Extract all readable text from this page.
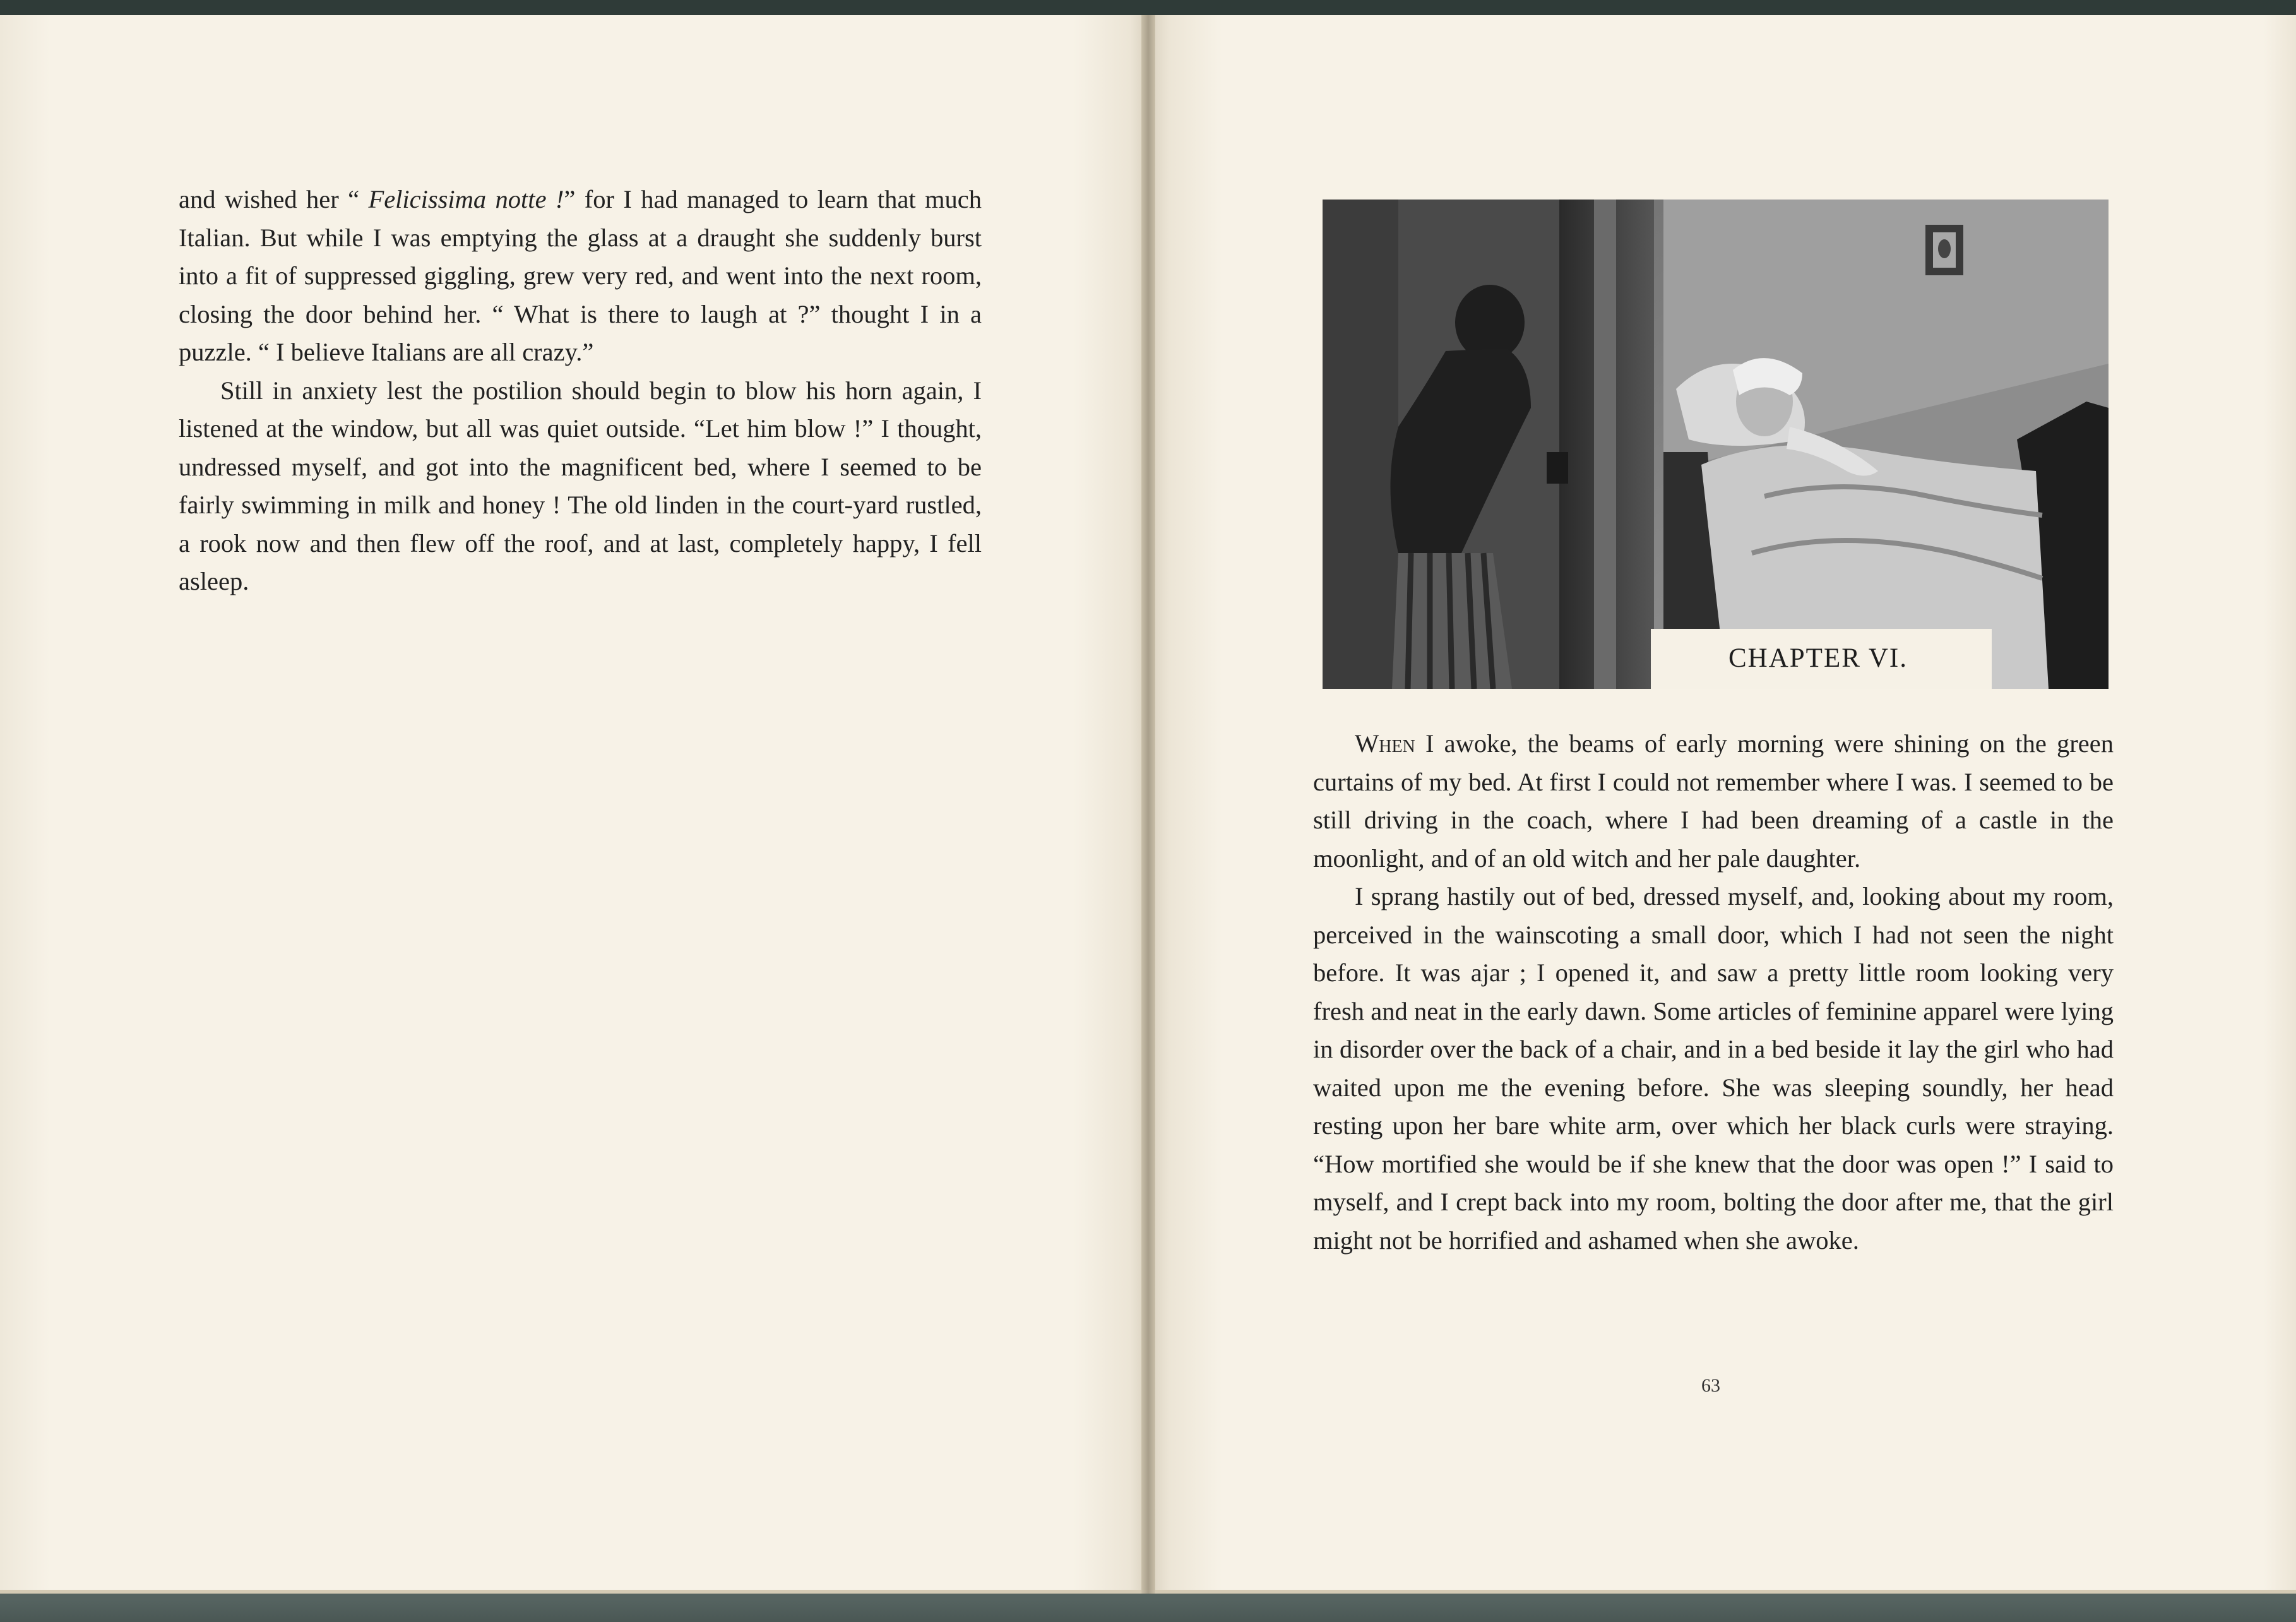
and wished her “ Felicissima notte !” for I had managed to learn that much Italian. But while I was emptying the glass at a draught she suddenly burst into a fit of suppressed giggling, grew very red, and went into the next room, closing the door behind her. “ What is there to laugh at ?” thought I in a puzzle. “ I believe Italians are all crazy.”

Still in anxiety lest the postilion should begin to blow his horn again, I listened at the window, but all was quiet outside. “Let him blow !” I thought, undressed myself, and got into the magnificent bed, where I seemed to be fairly swimming in milk and honey ! The old linden in the court-yard rustled, a rook now and then flew off the roof, and at last, completely happy, I fell asleep.

CHAPTER VI.

When I awoke, the beams of early morning were shining on the green curtains of my bed. At first I could not remember where I was. I seemed to be still driving in the coach, where I had been dreaming of a castle in the moonlight, and of an old witch and her pale daughter.

I sprang hastily out of bed, dressed myself, and, looking about my room, perceived in the wainscoting a small door, which I had not seen the night before. It was ajar ; I opened it, and saw a pretty little room looking very fresh and neat in the early dawn. Some articles of feminine apparel were lying in disorder over the back of a chair, and in a bed beside it lay the girl who had waited upon me the evening before. She was sleeping soundly, her head resting upon her bare white arm, over which her black curls were straying. “How mortified she would be if she knew that the door was open !” I said to myself, and I crept back into my room, bolting the door after me, that the girl might not be horrified and ashamed when she awoke.

63
